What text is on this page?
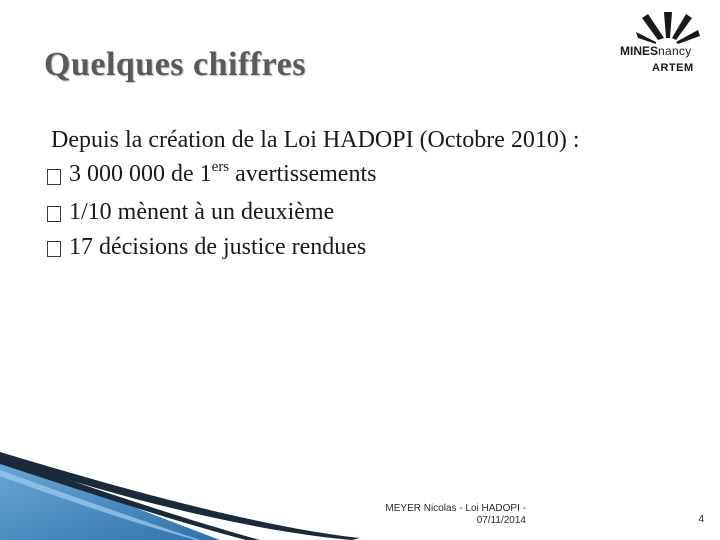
Quelques chiffres	MINESnancy
ARTEM
Depuis la création de la Loi HADOPI (Octobre 2010) :
3 000 000 de 1ers avertissements
1/10 mènent à un deuxième
17 décisions de justice rendues
MEYER Nicolas - Loi HADOPI -
07/11/2014	4
